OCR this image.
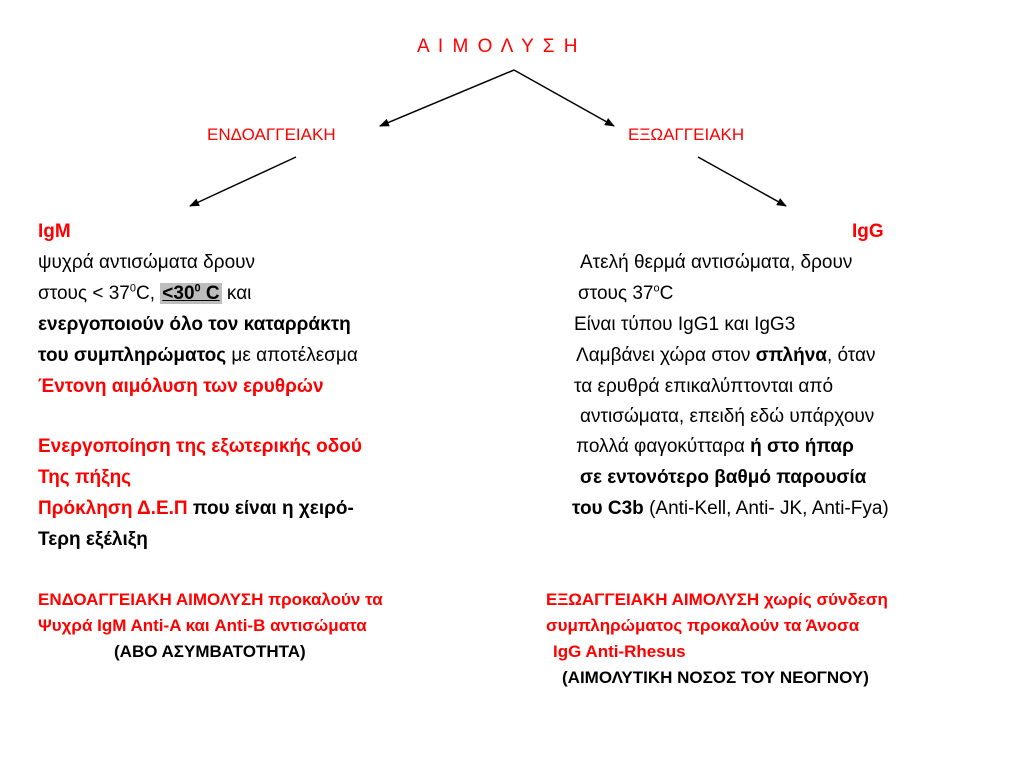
Α Ι Μ Ο Λ Υ Σ Η
ΕΝΔΟΑΓΓΕΙΑΚΗ	ΕΞΩΑΓΓΕΙΑΚΗ
IgM
ψυχρά αντισώματα δρουν
$\sigma\tau o\upsilon\varsigma < 37^0C$, $<30^0$ C και
ενεργοποιούν όλο τον καταρράκτη
του συμπληρώματος με αποτέλεσμα
Έντονη αιμόλυση των ερυθρών
Ενεργοποίηση της εξωτερικής οδού
Της πήξης
Πρόκληση Δ.Ε.Π που είναι η χειρό-
Τερη εξέλιξη
ΕΝΔΟΑΓΓΕΙΑΚΗ ΑΙΜΟΛΥΣΗ προκαλούν τα
Ψυχρά IgM Anti-A και Anti-B αντισώματα
(ΑΒΟ ΑΣΥΜΒΑΤΟΤΗΤΑ)
IgG
Ατελή θερμά αντισώματα, δρουν
στους $37^oC$
Είναι τύπου IgG1 και IgG3
Λαμβάνει χώρα στον σπλήνα, όταν
τα ερυθρά επικαλύπτονται από
αντισώματα, επειδή εδώ υπάρχουν
πολλά φαγοκύτταρα ή στο ήπαρ
σε εντονότερο βαθμό παρουσία
του C3b (Anti-Kell, Anti- JK, Anti-Fya)
ΕΞΩΑΓΓΕΙΑΚΗ ΑΙΜΟΛΥΣΗ χωρίς σύνδεση
συμπληρώματος προκαλούν τα Άνοσα
IgG Anti-Rhesus
(ΑΙΜΟΛΥΤΙΚΗ ΝΟΣΟΣ ΤΟΥ ΝΕΟΓΝΟΥ)
